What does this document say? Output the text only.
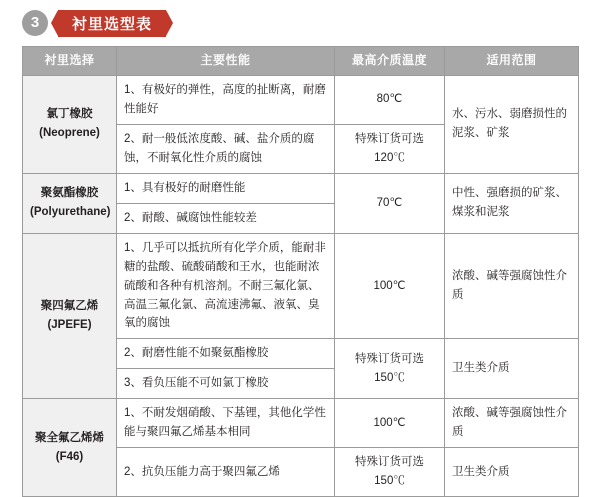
3	衬里选型表
衬里选择	主要性能	最高介质温度	适用范围

氯丁橡胶
(Neoprene)	1、有极好的弹性，高度的扯断离，耐磨性能好	80℃	水、污水、弱磨损性的泥浆、矿浆
	2、耐一般低浓度酸、碱、盐介质的腐蚀，不耐氧化性介质的腐蚀	特殊订货可选120℃	

聚氨酯橡胶
(Polyurethane)	1、具有极好的耐磨性能	70℃	中性、强磨损的矿浆、煤浆和泥浆
	2、耐酸、碱腐蚀性能较差		

聚四氟乙烯
(JPEFE)	1、几乎可以抵抗所有化学介质，能耐非糖的盐酸、硫酸硝酸和王水，也能耐浓硫酸和各种有机溶剂。不耐三氟化氯、高温三氟化氯、高流速沸氟、液氧、臭氧的腐蚀	100℃	浓酸、碱等强腐蚀性介质
	2、耐磨性能不如聚氨酯橡胶	特殊订货可选150℃	卫生类介质
	3、看负压能不可如氯丁橡胶		

聚全氟乙烯烯
(F46)	1、不耐发烟硝酸、下基锂，其他化学性能与聚四氟乙烯基本相同	100℃	浓酸、碱等强腐蚀性介质
	2、抗负压能力高于聚四氟乙烯	特殊订货可选150℃	卫生类介质
